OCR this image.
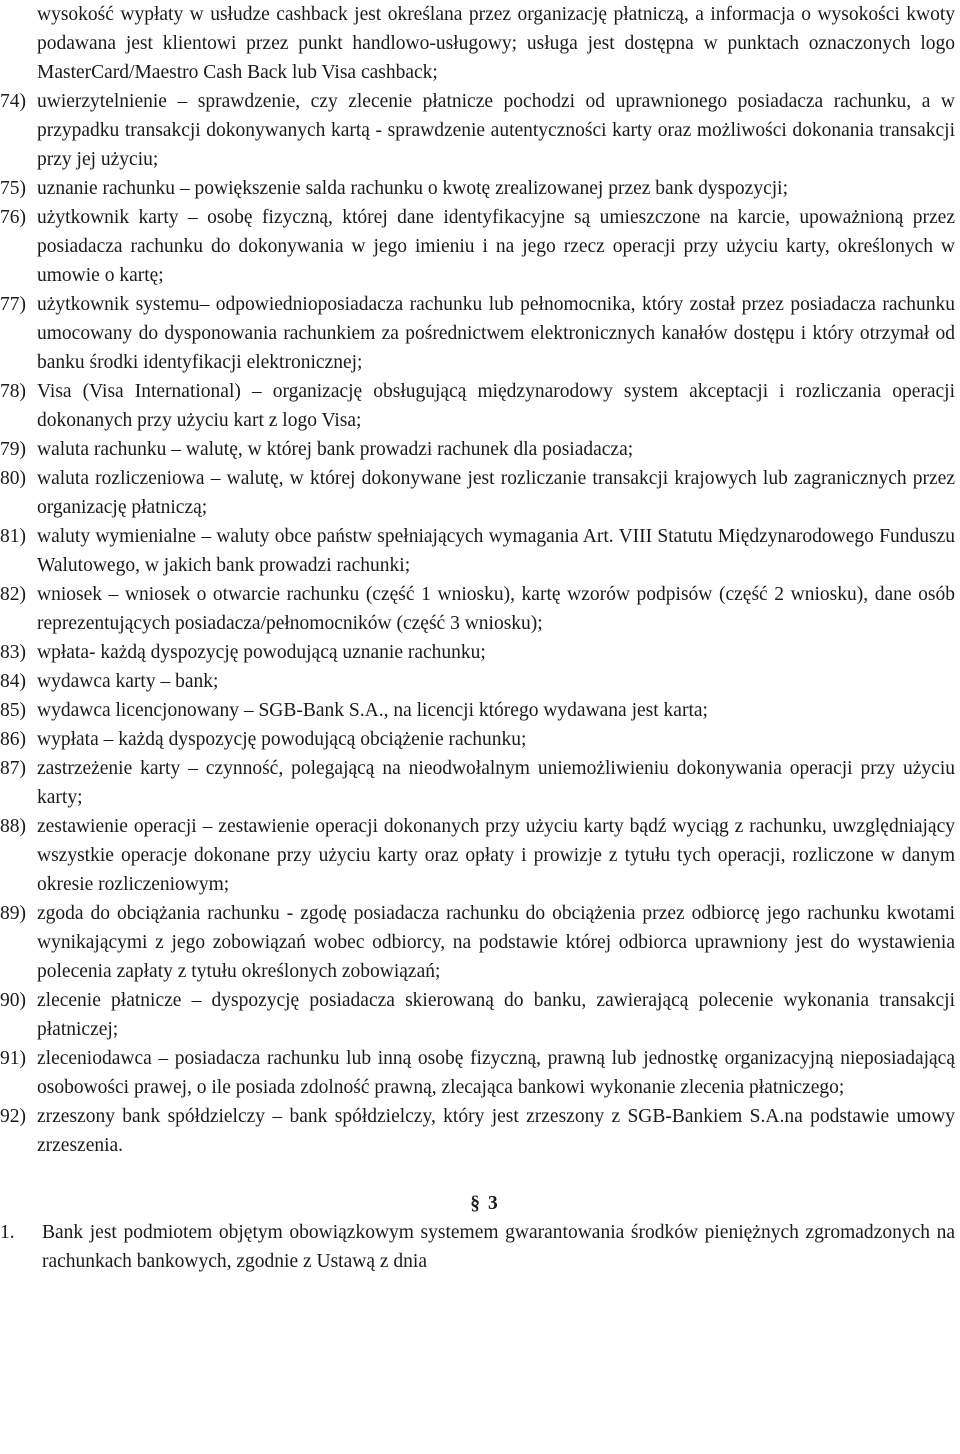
wysokość wypłaty w usłudze cashback jest określana przez organizację płatniczą, a informacja o wysokości kwoty podawana jest klientowi przez punkt handlowo-usługowy; usługa jest dostępna w punktach oznaczonych logo MasterCard/Maestro Cash Back lub Visa cashback;

74) uwierzytelnienie – sprawdzenie, czy zlecenie płatnicze pochodzi od uprawnionego posiadacza rachunku, a w przypadku transakcji dokonywanych kartą - sprawdzenie autentyczności karty oraz możliwości dokonania transakcji przy jej użyciu;
75) uznanie rachunku – powiększenie salda rachunku o kwotę zrealizowanej przez bank dyspozycji;
76) użytkownik karty – osobę fizyczną, której dane identyfikacyjne są umieszczone na karcie, upoważnioną przez posiadacza rachunku do dokonywania w jego imieniu i na jego rzecz operacji przy użyciu karty, określonych w umowie o kartę;
77) użytkownik systemu– odpowiednioposiadacza rachunku lub pełnomocnika, który został przez posiadacza rachunku umocowany do dysponowania rachunkiem za pośrednictwem elektronicznych kanałów dostępu i który otrzymał od banku środki identyfikacji elektronicznej;
78) Visa (Visa International) – organizację obsługującą międzynarodowy system akceptacji i rozliczania operacji dokonanych przy użyciu kart z logo Visa;
79) waluta rachunku – walutę, w której bank prowadzi rachunek dla posiadacza;
80) waluta rozliczeniowa – walutę, w której dokonywane jest rozliczanie transakcji krajowych lub zagranicznych przez organizację płatniczą;
81) waluty wymienialne – waluty obce państw spełniających wymagania Art. VIII Statutu Międzynarodowego Funduszu Walutowego, w jakich bank prowadzi rachunki;
82) wniosek – wniosek o otwarcie rachunku (część 1 wniosku), kartę wzorów podpisów (część 2 wniosku), dane osób reprezentujących posiadacza/pełnomocników (część 3 wniosku);
83) wpłata- każdą dyspozycję powodującą uznanie rachunku;
84) wydawca karty – bank;
85) wydawca licencjonowany – SGB-Bank S.A., na licencji którego wydawana jest karta;
86) wypłata – każdą dyspozycję powodującą obciążenie rachunku;
87) zastrzeżenie karty – czynność, polegającą na nieodwołalnym uniemożliwieniu dokonywania operacji przy użyciu karty;
88) zestawienie operacji – zestawienie operacji dokonanych przy użyciu karty bądź wyciąg z rachunku, uwzględniający wszystkie operacje dokonane przy użyciu karty oraz opłaty i prowizje z tytułu tych operacji, rozliczone w danym okresie rozliczeniowym;
89) zgoda do obciążania rachunku - zgodę posiadacza rachunku do obciążenia przez odbiorcę jego rachunku kwotami wynikającymi z jego zobowiązań wobec odbiorcy, na podstawie której odbiorca uprawniony jest do wystawienia polecenia zapłaty z tytułu określonych zobowiązań;
90) zlecenie płatnicze – dyspozycję posiadacza skierowaną do banku, zawierającą polecenie wykonania transakcji płatniczej;
91) zleceniodawca – posiadacza rachunku lub inną osobę fizyczną, prawną lub jednostkę organizacyjną nieposiadającą osobowości prawej, o ile posiada zdolność prawną, zlecająca bankowi wykonanie zlecenia płatniczego;
92) zrzeszony bank spółdzielczy – bank spółdzielczy, który jest zrzeszony z SGB-Bankiem S.A.na podstawie umowy zrzeszenia.
§ 3
1.	Bank jest podmiotem objętym obowiązkowym systemem gwarantowania środków pieniężnych zgromadzonych na rachunkach bankowych, zgodnie z Ustawą z dnia
